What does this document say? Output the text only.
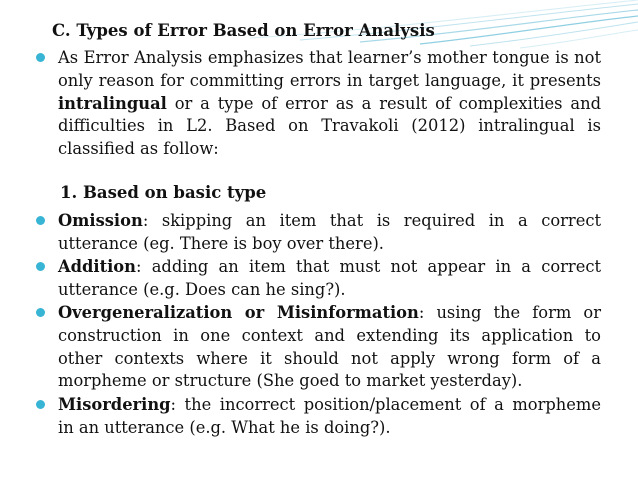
C. Types of Error Based on Error Analysis
As Error Analysis emphasizes that learner’s mother tongue is not
only reason for committing errors in target language, it presents
intralingual or a type of error as a result of complexities and
difficulties in L2. Based on Travakoli (2012) intralingual is
classified as follow:
1. Based on basic type
Omission: skipping an item that is required in a correct
utterance (eg. There is boy over there).
Addition: adding an item that must not appear in a correct
utterance (e.g. Does can he sing?).
Overgeneralization or Misinformation: using the form or
construction in one context and extending its application to
other contexts where it should not apply wrong form of a
morpheme or structure (She goed to market yesterday).
Misordering: the incorrect position/placement of a morpheme
in an utterance (e.g. What he is doing?).
